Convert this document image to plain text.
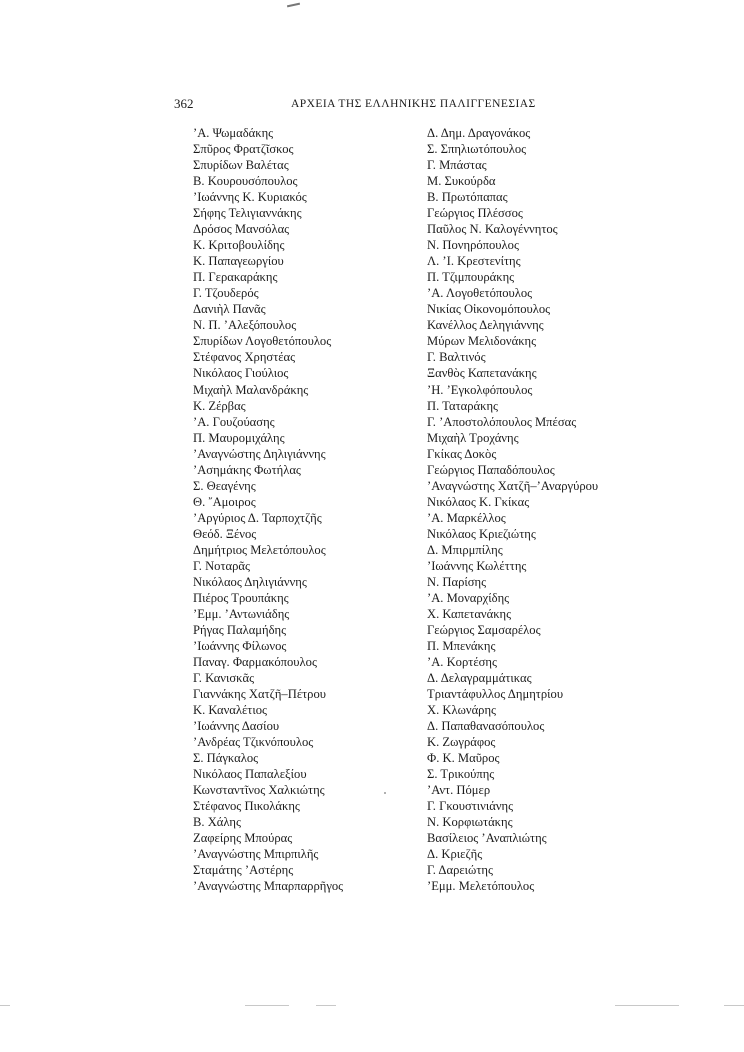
362	ΑΡΧΕΙΑ ΤΗΣ ΕΛΛΗΝΙΚΗΣ ΠΑΛΙΓΓΕΝΕΣΙΑΣ
’Α. Ψωμαδάκης
Σπῦρος Φρατζῖσκος
Σπυρίδων Βαλέτας
Β. Κουρουσόπουλος
’Ιωάννης Κ. Κυριακός
Σήφης Τελιγιαννάκης
Δρόσος Μανσόλας
Κ. Κριτοβουλίδης
Κ. Παπαγεωργίου
Π. Γερακαράκης
Γ. Τζουδερός
Δανιὴλ Πανᾶς
Ν. Π. ’Αλεξόπουλος
Σπυρίδων Λογοθετόπουλος
Στέφανος Χρηστέας
Νικόλαος Γιούλιος
Μιχαὴλ Μαλανδράκης
Κ. Ζέρβας
’Α. Γουζούασης
Π. Μαυρομιχάλης
’Αναγνώστης Δηλιγιάννης
’Ασημάκης Φωτήλας
Σ. Θεαγένης
Θ. ῎Αμοιρος
’Αργύριος Δ. Ταρποχτζῆς
Θεόδ. Ξένος
Δημήτριος Μελετόπουλος
Γ. Νοταρᾶς
Νικόλαος Δηλιγιάννης
Πιέρος Τρουπάκης
’Εμμ. ’Αντωνιάδης
Ρήγας Παλαμήδης
’Ιωάννης Φίλωνος
Παναγ. Φαρμακόπουλος
Γ. Κανισκᾶς
Γιαννάκης Χατζῆ–Πέτρου
Κ. Καναλέτιος
’Ιωάννης Δασίου
’Ανδρέας Τζικνόπουλος
Σ. Πάγκαλος
Νικόλαος Παπαλεξίου
Κωνσταντῖνος Χαλκιώτης
Στέφανος Πικολάκης
Β. Χάλης
Ζαφείρης Μπούρας
’Αναγνώστης Μπιρπιλῆς
Σταμάτης ’Αστέρης
’Αναγνώστης Μπαρπαρρῆγος
Δ. Δημ. Δραγονάκος
Σ. Σπηλιωτόπουλος
Γ. Μπάστας
Μ. Συκούρδα
Β. Πρωτόπαπας
Γεώργιος Πλέσσος
Παῦλος Ν. Καλογέννητος
Ν. Πονηρόπουλος
Λ. ’Ι. Κρεστενίτης
Π. Τζιμπουράκης
’Α. Λογοθετόπουλος
Νικίας Οἰκονομόπουλος
Κανέλλος Δεληγιάννης
Μύρων Μελιδονάκης
Γ. Βαλτινός
Ξανθὸς Καπετανάκης
’Η. ’Εγκολφόπουλος
Π. Ταταράκης
Γ. ’Αποστολόπουλος Μπέσας
Μιχαὴλ Τροχάνης
Γκίκας Δοκὸς
Γεώργιος Παπαδόπουλος
’Αναγνώστης Χατζῆ–’Αναργύρου
Νικόλαος Κ. Γκίκας
’Α. Μαρκέλλος
Νικόλαος Κριεζιώτης
Δ. Μπιρμπίλης
’Ιωάννης Κωλέττης
Ν. Παρίσης
’Α. Μοναρχίδης
Χ. Καπετανάκης
Γεώργιος Σαμσαρέλος
Π. Μπενάκης
’Α. Κορτέσης
Δ. Δελαγραμμάτικας
Τριαντάφυλλος Δημητρίου
Χ. Κλωνάρης
Δ. Παπαθανασόπουλος
Κ. Ζωγράφος
Φ. Κ. Μαῦρος
Σ. Τρικούπης
’Αντ. Πόμερ
Γ. Γκουστινιάνης
Ν. Κορφιωτάκης
Βασίλειος ’Αναπλιώτης
Δ. Κριεζῆς
Γ. Δαρειώτης
’Εμμ. Μελετόπουλος
